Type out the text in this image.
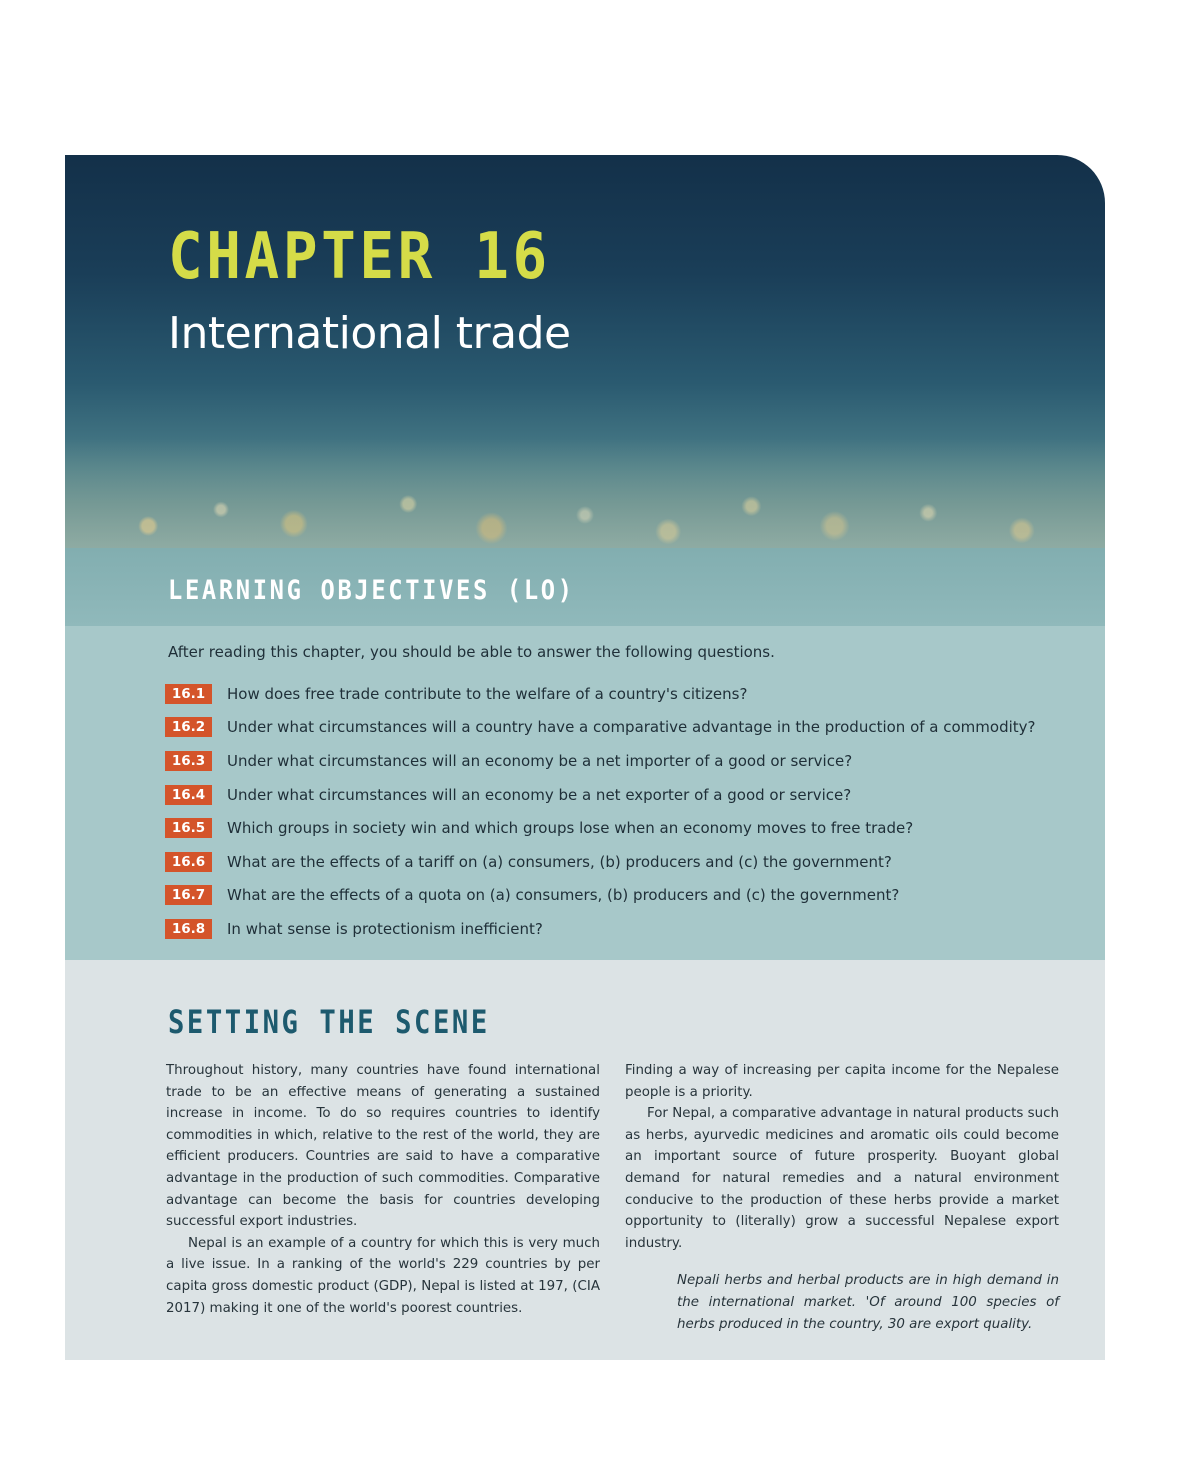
CHAPTER 16
International trade
LEARNING OBJECTIVES (LO)

After reading this chapter, you should be able to answer the following questions.

16.1	How does free trade contribute to the welfare of a country's citizens?
16.2	Under what circumstances will a country have a comparative advantage in the production of a commodity?
16.3	Under what circumstances will an economy be a net importer of a good or service?
16.4	Under what circumstances will an economy be a net exporter of a good or service?
16.5	Which groups in society win and which groups lose when an economy moves to free trade?
16.6	What are the effects of a tariff on (a) consumers, (b) producers and (c) the government?
16.7	What are the effects of a quota on (a) consumers, (b) producers and (c) the government?
16.8	In what sense is protectionism inefficient?
SETTING THE SCENE

Throughout history, many countries have found international trade to be an effective means of generating a sustained increase in income. To do so requires countries to identify commodities in which, relative to the rest of the world, they are efficient producers. Countries are said to have a comparative advantage in the production of such commodities. Comparative advantage can become the basis for countries developing successful export industries.

Nepal is an example of a country for which this is very much a live issue. In a ranking of the world's 229 countries by per capita gross domestic product (GDP), Nepal is listed at 197, (CIA 2017) making it one of the world's poorest countries.

Finding a way of increasing per capita income for the Nepalese people is a priority.

For Nepal, a comparative advantage in natural products such as herbs, ayurvedic medicines and aromatic oils could become an important source of future prosperity. Buoyant global demand for natural remedies and a natural environment conducive to the production of these herbs provide a market opportunity to (literally) grow a successful Nepalese export industry.

Nepali herbs and herbal products are in high demand in the international market. 'Of around 100 species of herbs produced in the country, 30 are export quality.
